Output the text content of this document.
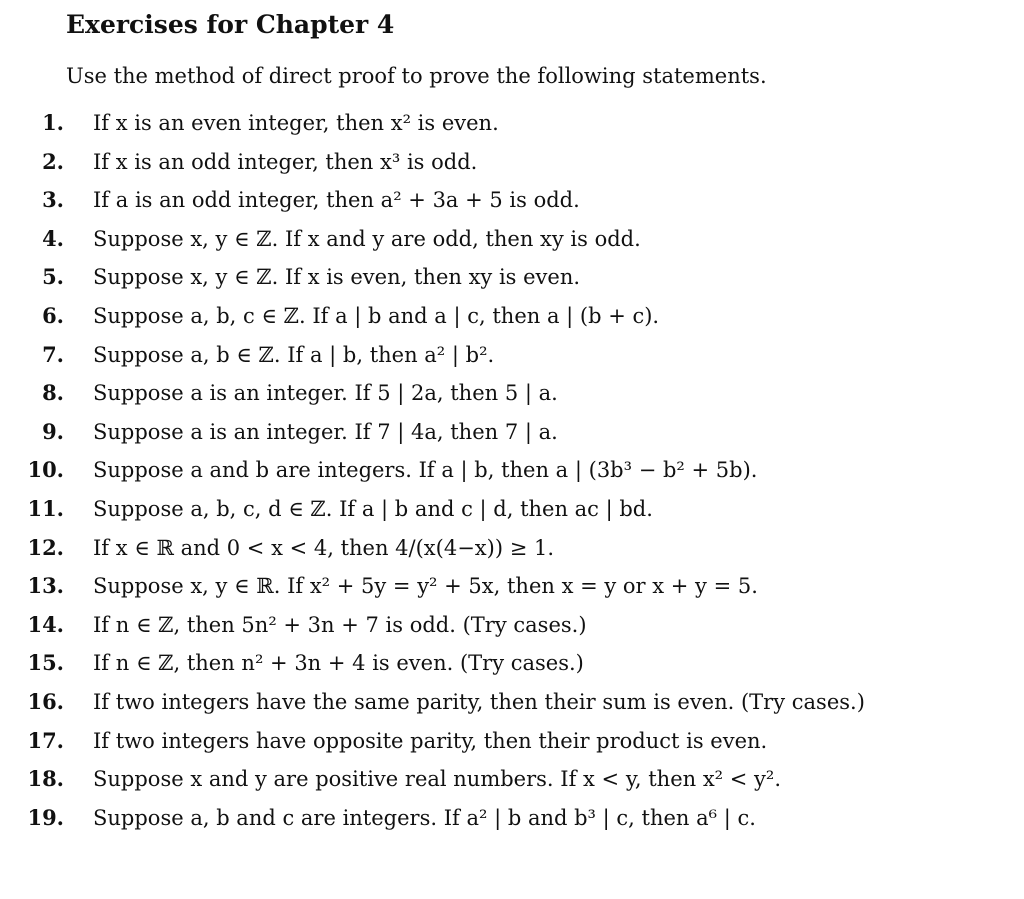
Exercises for Chapter 4
Use the method of direct proof to prove the following statements.
1. If x is an even integer, then x² is even.
2. If x is an odd integer, then x³ is odd.
3. If a is an odd integer, then a² + 3a + 5 is odd.
4. Suppose x, y ∈ ℤ. If x and y are odd, then xy is odd.
5. Suppose x, y ∈ ℤ. If x is even, then xy is even.
6. Suppose a, b, c ∈ ℤ. If a | b and a | c, then a | (b + c).
7. Suppose a, b ∈ ℤ. If a | b, then a² | b².
8. Suppose a is an integer. If 5 | 2a, then 5 | a.
9. Suppose a is an integer. If 7 | 4a, then 7 | a.
10. Suppose a and b are integers. If a | b, then a | (3b³ − b² + 5b).
11. Suppose a, b, c, d ∈ ℤ. If a | b and c | d, then ac | bd.
12. If x ∈ ℝ and 0 < x < 4, then 4/(x(4−x)) ≥ 1.
13. Suppose x, y ∈ ℝ. If x² + 5y = y² + 5x, then x = y or x + y = 5.
14. If n ∈ ℤ, then 5n² + 3n + 7 is odd. (Try cases.)
15. If n ∈ ℤ, then n² + 3n + 4 is even. (Try cases.)
16. If two integers have the same parity, then their sum is even. (Try cases.)
17. If two integers have opposite parity, then their product is even.
18. Suppose x and y are positive real numbers. If x < y, then x² < y².
19. Suppose a, b and c are integers. If a² | b and b³ | c, then a⁶ | c.
